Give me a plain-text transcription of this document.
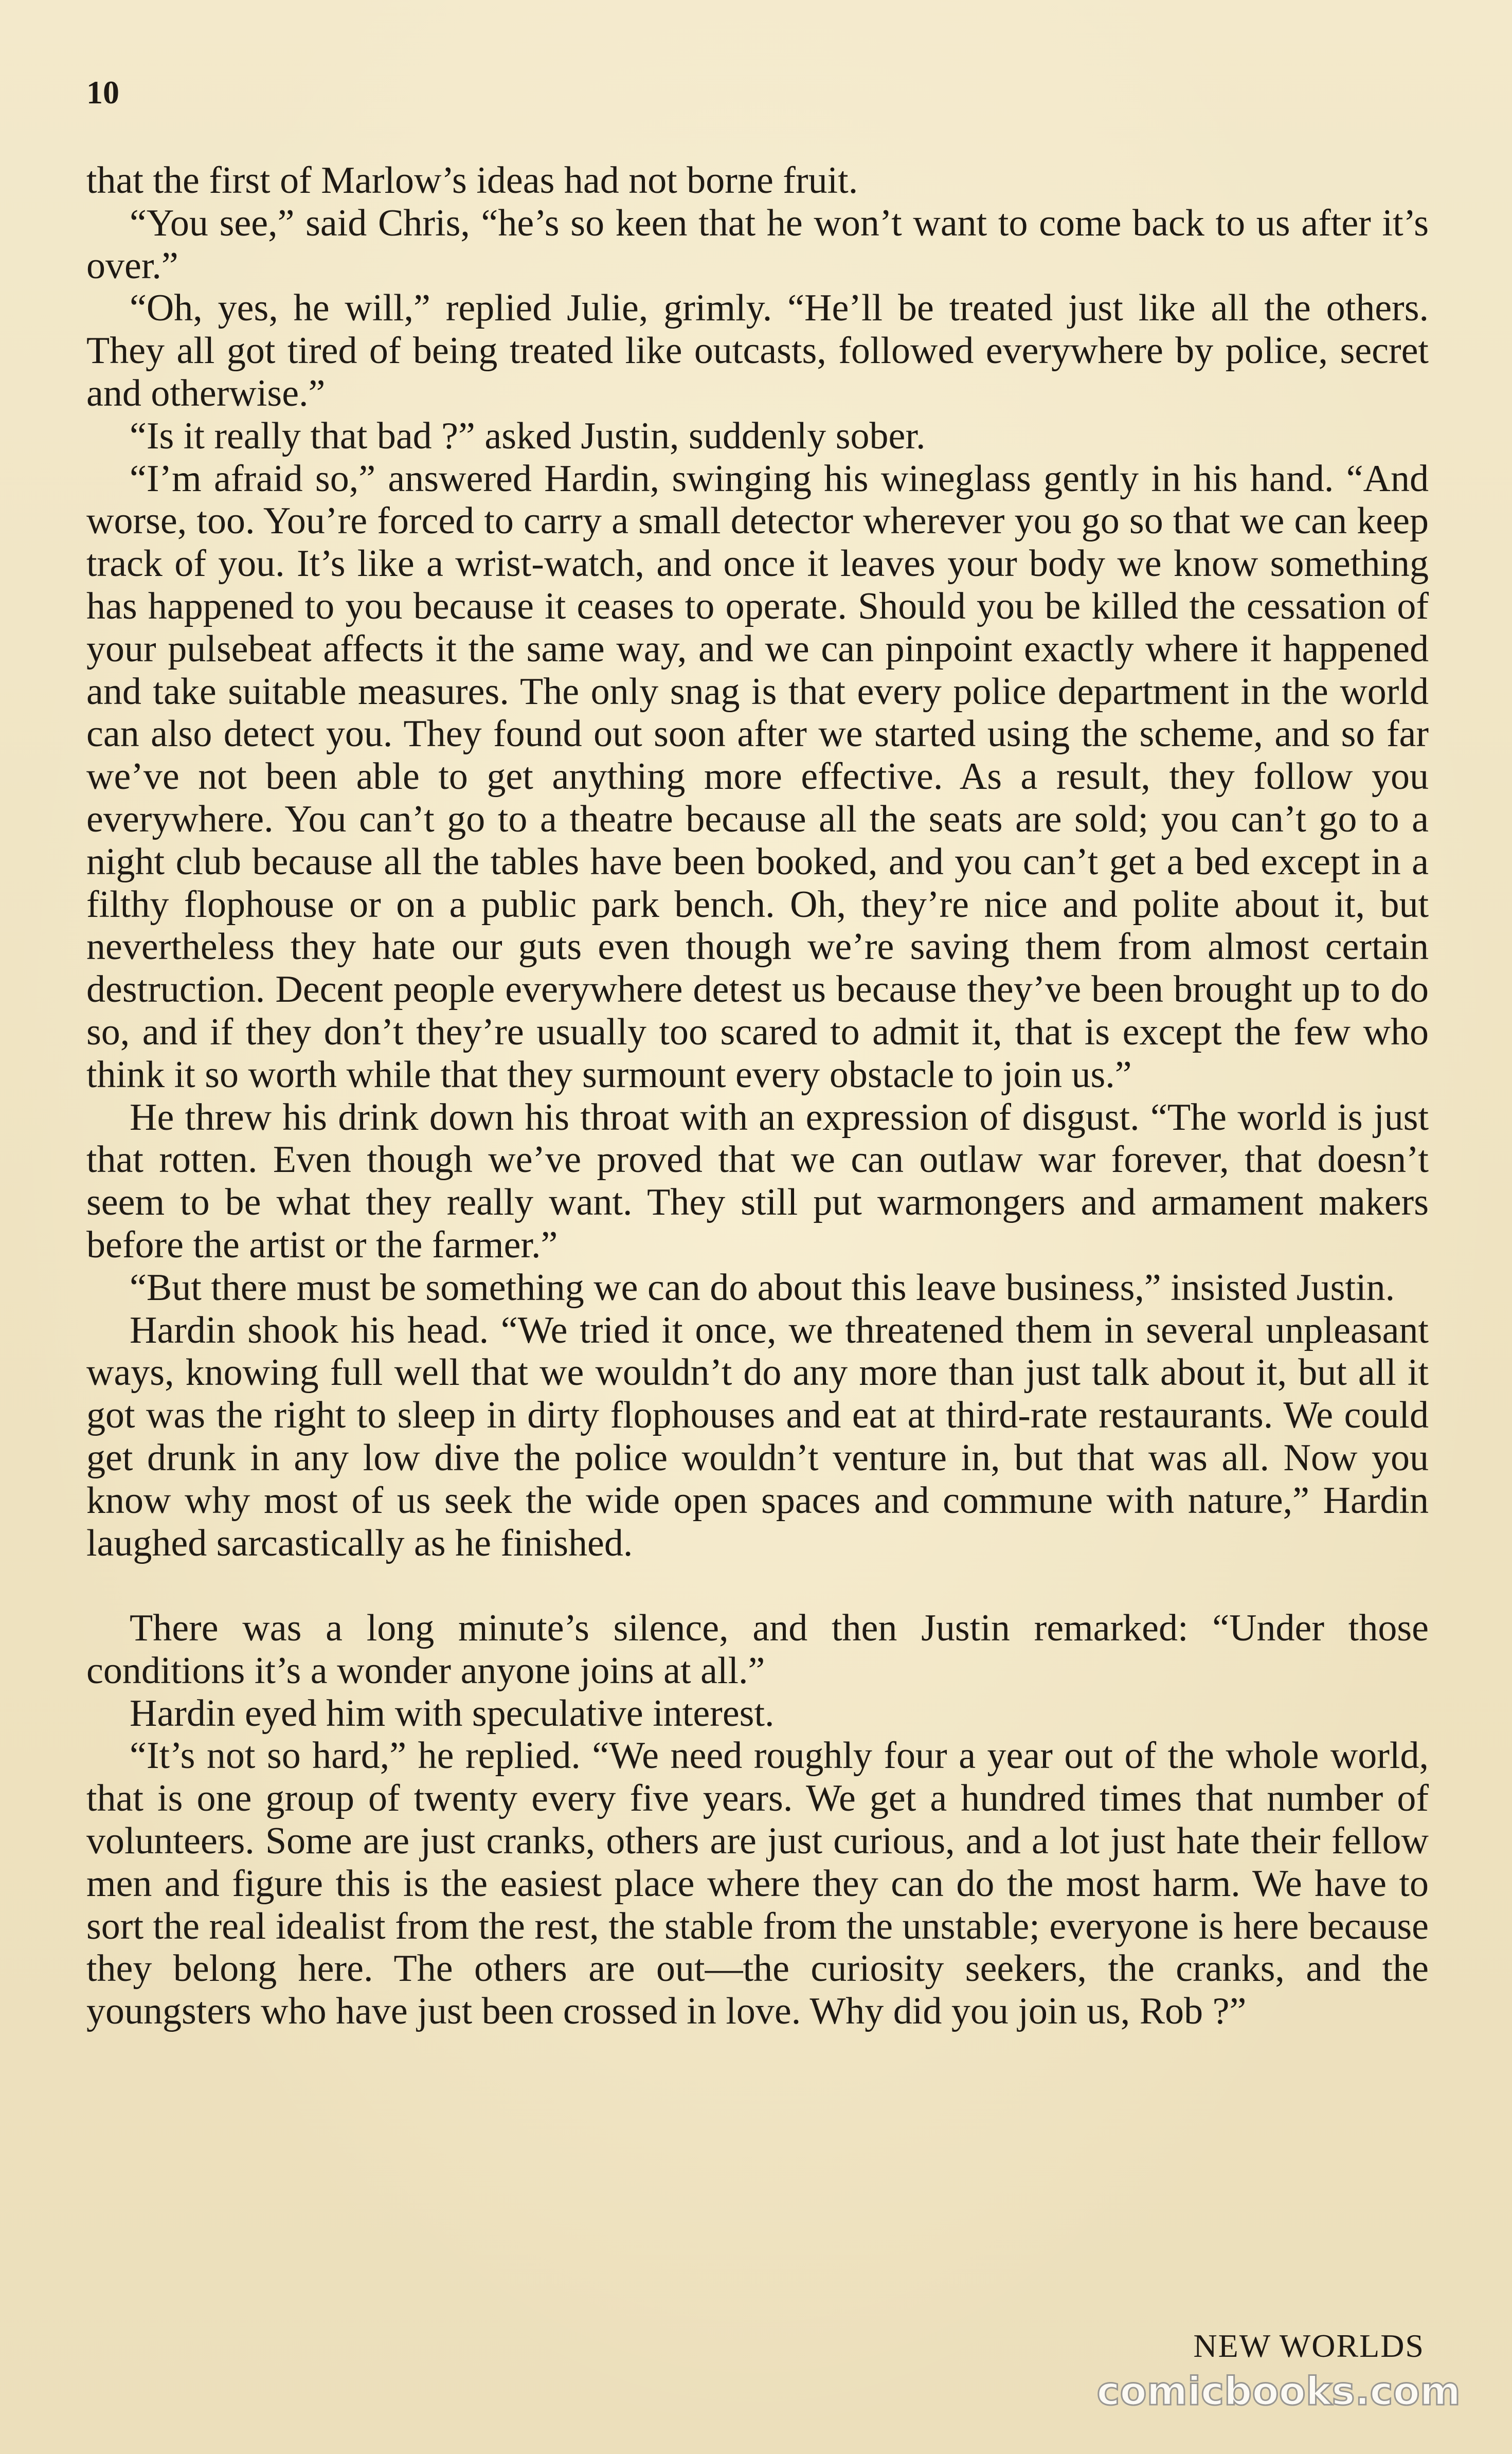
10

that the first of Marlow’s ideas had not borne fruit.

“You see,” said Chris, “he’s so keen that he won’t want to come back to us after it’s over.”

“Oh, yes, he will,” replied Julie, grimly. “He’ll be treated just like all the others. They all got tired of being treated like outcasts, followed everywhere by police, secret and otherwise.”

“Is it really that bad ?” asked Justin, suddenly sober.

“I’m afraid so,” answered Hardin, swinging his wineglass gently in his hand. “And worse, too. You’re forced to carry a small detector wherever you go so that we can keep track of you. It’s like a wrist-watch, and once it leaves your body we know something has happened to you because it ceases to operate. Should you be killed the cessation of your pulsebeat affects it the same way, and we can pinpoint exactly where it happened and take suitable measures. The only snag is that every police department in the world can also detect you. They found out soon after we started using the scheme, and so far we’ve not been able to get anything more effective. As a result, they follow you everywhere. You can’t go to a theatre because all the seats are sold; you can’t go to a night club because all the tables have been booked, and you can’t get a bed except in a filthy flophouse or on a public park bench. Oh, they’re nice and polite about it, but nevertheless they hate our guts even though we’re saving them from almost certain destruction. Decent people everywhere detest us because they’ve been brought up to do so, and if they don’t they’re usually too scared to admit it, that is except the few who think it so worth while that they surmount every obstacle to join us.”

He threw his drink down his throat with an expression of disgust. “The world is just that rotten. Even though we’ve proved that we can outlaw war forever, that doesn’t seem to be what they really want. They still put warmongers and armament makers before the artist or the farmer.”

“But there must be something we can do about this leave business,” insisted Justin.

Hardin shook his head. “We tried it once, we threatened them in several unpleasant ways, knowing full well that we wouldn’t do any more than just talk about it, but all it got was the right to sleep in dirty flophouses and eat at third-rate restaurants. We could get drunk in any low dive the police wouldn’t venture in, but that was all. Now you know why most of us seek the wide open spaces and commune with nature,” Hardin laughed sarcastically as he finished.

There was a long minute’s silence, and then Justin remarked: “Under those conditions it’s a wonder anyone joins at all.”

Hardin eyed him with speculative interest.

“It’s not so hard,” he replied. “We need roughly four a year out of the whole world, that is one group of twenty every five years. We get a hundred times that number of volunteers. Some are just cranks, others are just curious, and a lot just hate their fellow men and figure this is the easiest place where they can do the most harm. We have to sort the real idealist from the rest, the stable from the unstable; everyone is here because they belong here. The others are out—the curiosity seekers, the cranks, and the youngsters who have just been crossed in love. Why did you join us, Rob ?”

NEW WORLDS
comicbooks.com
